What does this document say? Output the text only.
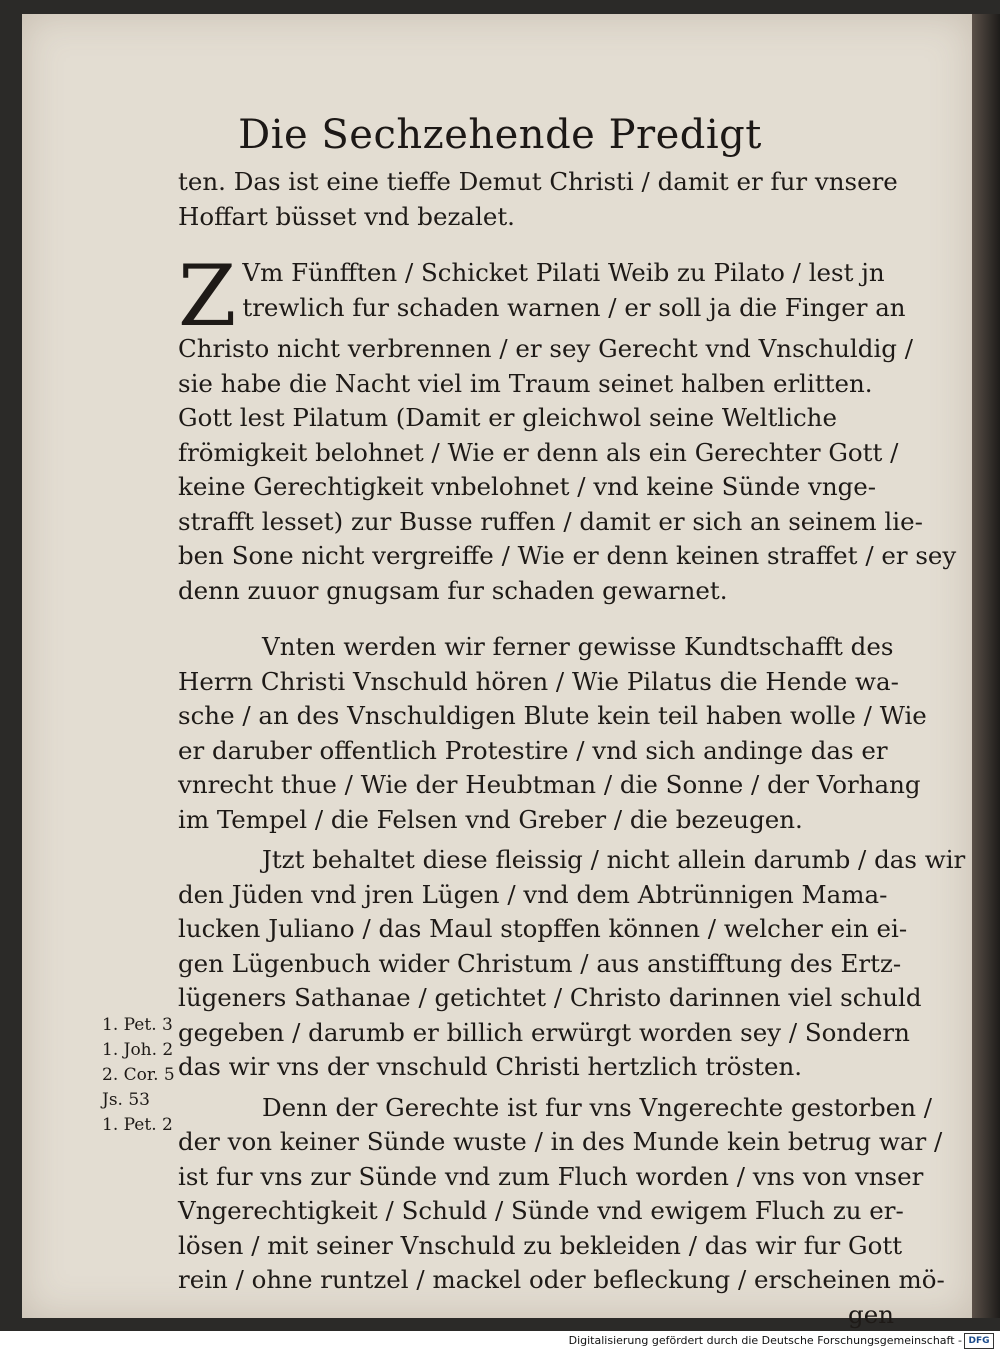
Die Sechzehende Predigt
ten. Das ist eine tieffe Demut Christi / damit er fur vnsere
Hoffart büsset vnd bezalet.
Z Vm Fünfften / Schicket Pilati Weib zu Pilato / lest jn
trewlich fur schaden warnen / er soll ja die Finger an
Christo nicht verbrennen / er sey Gerecht vnd Vnschuldig /
sie habe die Nacht viel im Traum seinet halben erlitten.
Gott lest Pilatum (Damit er gleichwol seine Weltliche
frömigkeit belohnet / Wie er denn als ein Gerechter Gott /
keine Gerechtigkeit vnbelohnet / vnd keine Sünde vnge-
strafft lesset) zur Busse ruffen / damit er sich an seinem lie-
ben Sone nicht vergreiffe / Wie er denn keinen straffet / er sey
denn zuuor gnugsam fur schaden gewarnet.
Vnten werden wir ferner gewisse Kundtschafft des
Herrn Christi Vnschuld hören / Wie Pilatus die Hende wa-
sche / an des Vnschuldigen Blute kein teil haben wolle / Wie
er daruber offentlich Protestire / vnd sich andinge das er
vnrecht thue / Wie der Heubtman / die Sonne / der Vorhang
im Tempel / die Felsen vnd Greber / die bezeugen.
Jtzt behaltet diese fleissig / nicht allein darumb / das wir
den Jüden vnd jren Lügen / vnd dem Abtrünnigen Mama-
lucken Juliano / das Maul stopffen können / welcher ein ei-
gen Lügenbuch wider Christum / aus anstifftung des Ertz-
lügeners Sathanae / getichtet / Christo darinnen viel schuld
gegeben / darumb er billich erwürgt worden sey / Sondern
das wir vns der vnschuld Christi hertzlich trösten.
Denn der Gerechte ist fur vns Vngerechte gestorben /
der von keiner Sünde wuste / in des Munde kein betrug war /
ist fur vns zur Sünde vnd zum Fluch worden / vns von vnser
Vngerechtigkeit / Schuld / Sünde vnd ewigem Fluch zu er-
lösen / mit seiner Vnschuld zu bekleiden / das wir fur Gott
rein / ohne runtzel / mackel oder befleckung / erscheinen mö-
gen
1. Pet. 3
1. Joh. 2
2. Cor. 5
Js. 53
1. Pet. 2
Digitalisierung gefördert durch die Deutsche Forschungsgemeinschaft - DFG
